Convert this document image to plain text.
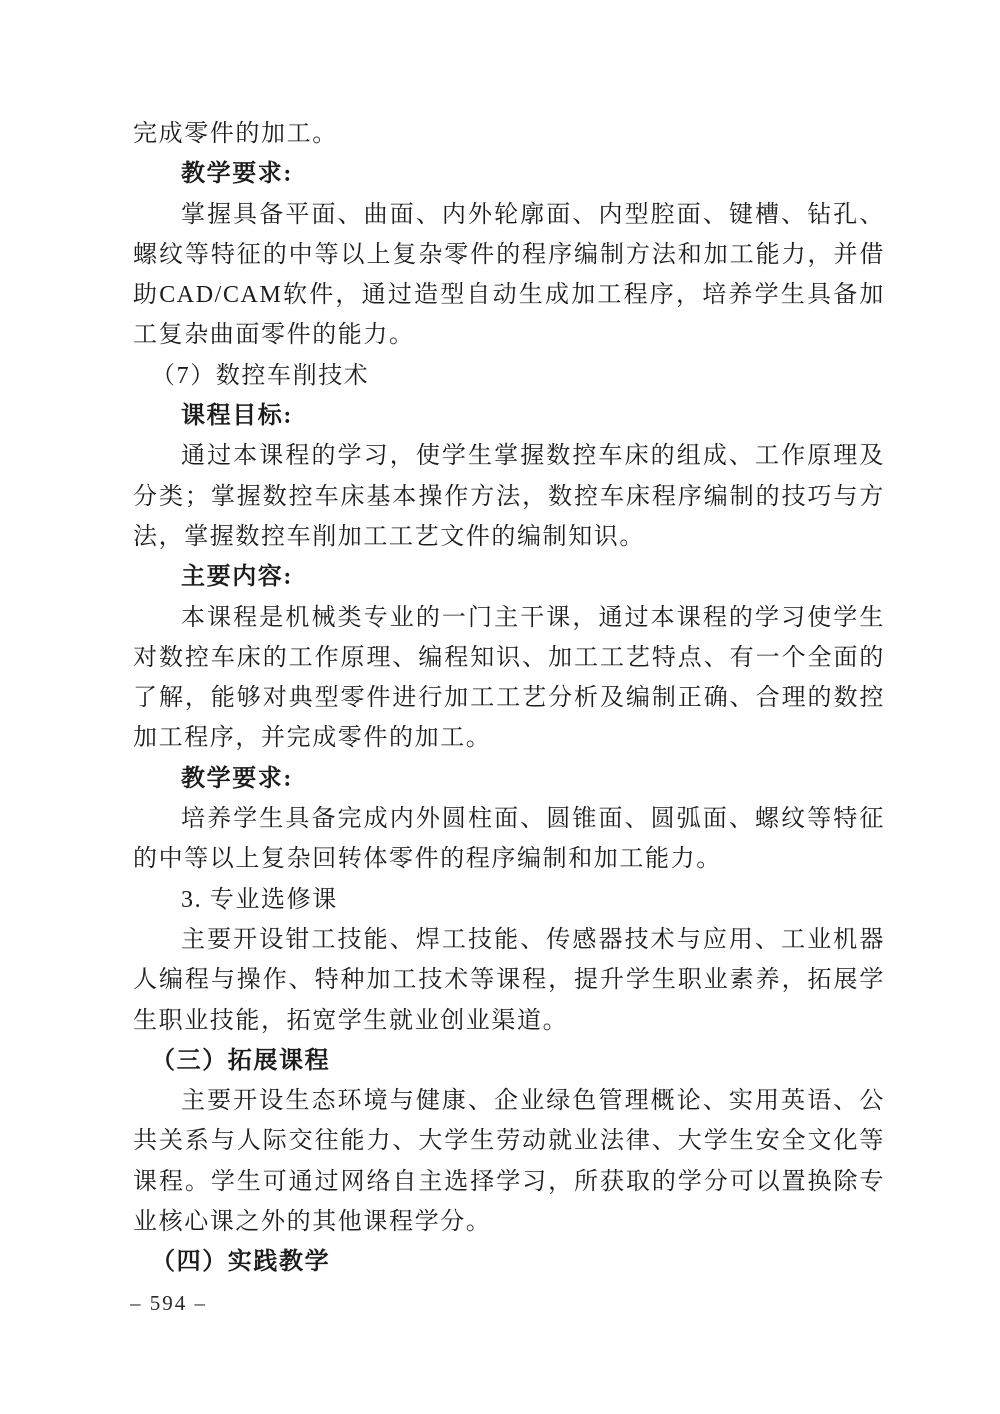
完成零件的加工。

教学要求:

掌握具备平面、曲面、内外轮廓面、内型腔面、键槽、钻孔、螺纹等特征的中等以上复杂零件的程序编制方法和加工能力，并借助CAD/CAM软件，通过造型自动生成加工程序，培养学生具备加工复杂曲面零件的能力。

（7）数控车削技术

课程目标:

通过本课程的学习，使学生掌握数控车床的组成、工作原理及分类；掌握数控车床基本操作方法，数控车床程序编制的技巧与方法，掌握数控车削加工工艺文件的编制知识。

主要内容:

本课程是机械类专业的一门主干课，通过本课程的学习使学生对数控车床的工作原理、编程知识、加工工艺特点、有一个全面的了解，能够对典型零件进行加工工艺分析及编制正确、合理的数控加工程序，并完成零件的加工。

教学要求:

培养学生具备完成内外圆柱面、圆锥面、圆弧面、螺纹等特征的中等以上复杂回转体零件的程序编制和加工能力。

3. 专业选修课

主要开设钳工技能、焊工技能、传感器技术与应用、工业机器人编程与操作、特种加工技术等课程，提升学生职业素养，拓展学生职业技能，拓宽学生就业创业渠道。

（三）拓展课程

主要开设生态环境与健康、企业绿色管理概论、实用英语、公共关系与人际交往能力、大学生劳动就业法律、大学生安全文化等课程。学生可通过网络自主选择学习，所获取的学分可以置换除专业核心课之外的其他课程学分。

（四）实践教学

– 594 –
